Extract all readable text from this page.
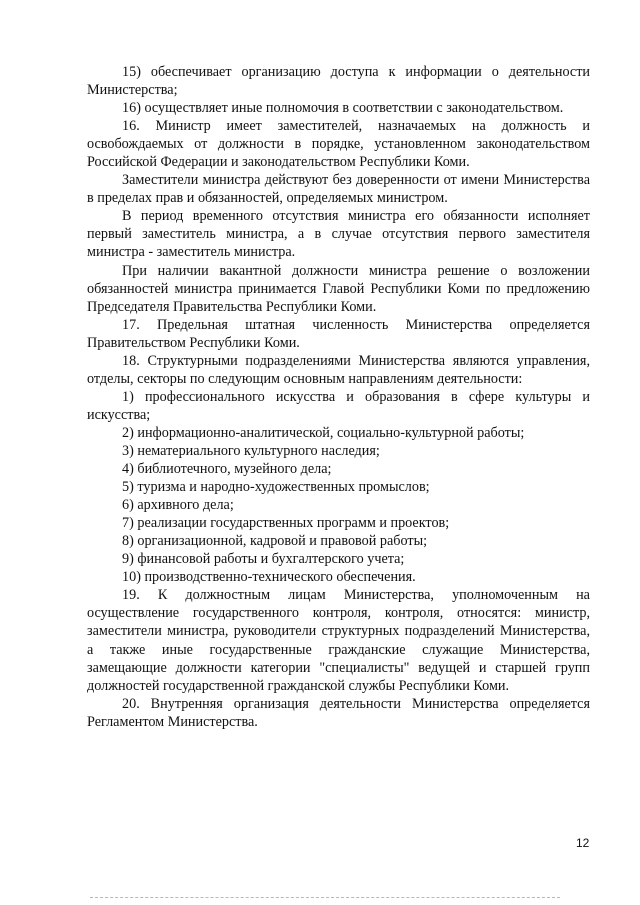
15) обеспечивает организацию доступа к информации о деятельности Министерства;

16) осуществляет иные полномочия в соответствии с законодательством.

16. Министр имеет заместителей, назначаемых на должность и освобождаемых от должности в порядке, установленном законодательством Российской Федерации и законодательством Республики Коми.

Заместители министра действуют без доверенности от имени Министерства в пределах прав и обязанностей, определяемых министром.

В период временного отсутствия министра его обязанности исполняет первый заместитель министра, а в случае отсутствия первого заместителя министра - заместитель министра.

При наличии вакантной должности министра решение о возложении обязанностей министра принимается Главой Республики Коми по предложению Председателя Правительства Республики Коми.

17. Предельная штатная численность Министерства определяется Правительством Республики Коми.

18. Структурными подразделениями Министерства являются управления, отделы, секторы по следующим основным направлениям деятельности:

1) профессионального искусства и образования в сфере культуры и искусства;

2) информационно-аналитической, социально-культурной работы;

3) нематериального культурного наследия;

4) библиотечного, музейного дела;

5) туризма и народно-художественных промыслов;

6) архивного дела;

7) реализации государственных программ и проектов;

8) организационной, кадровой и правовой работы;

9) финансовой работы и бухгалтерского учета;

10) производственно-технического обеспечения.

19. К должностным лицам Министерства, уполномоченным на осуществление государственного контроля, контроля, относятся: министр, заместители министра, руководители структурных подразделений Министерства, а также иные государственные гражданские служащие Министерства, замещающие должности категории "специалисты" ведущей и старшей групп должностей государственной гражданской службы Республики Коми.

20. Внутренняя организация деятельности Министерства определяется Регламентом Министерства.

12
